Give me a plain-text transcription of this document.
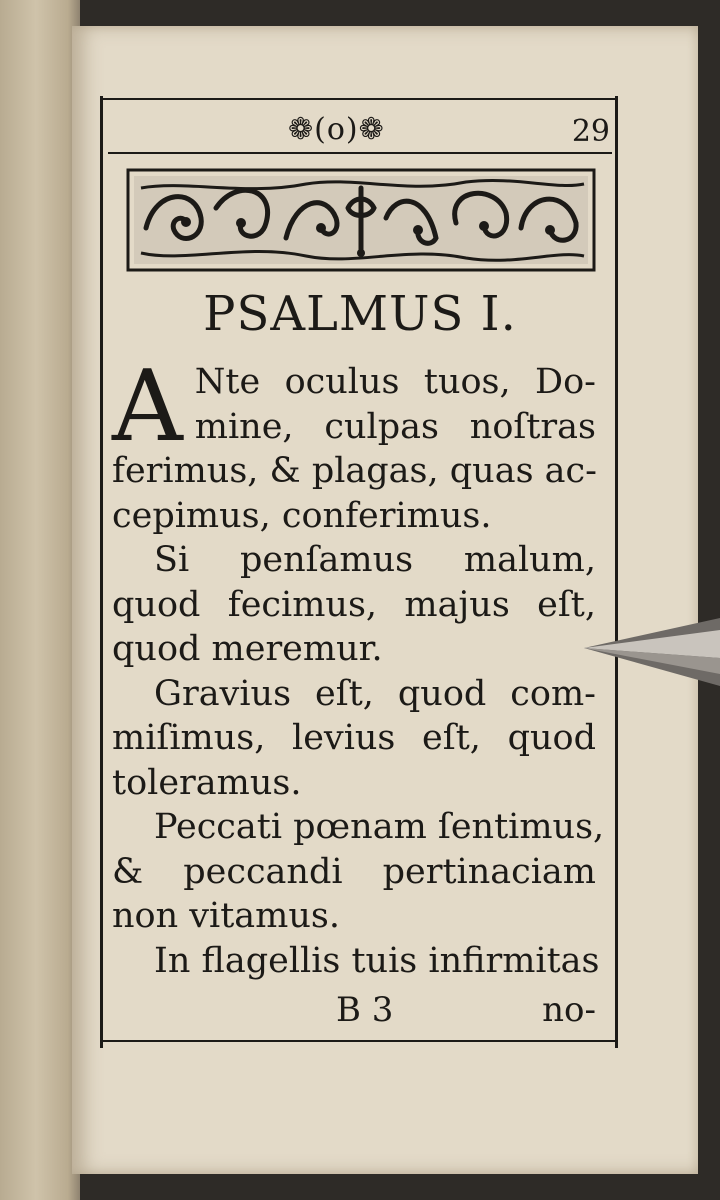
❁(o)❁	29
PSALMUS I.
A Nte oculus tuos, Do-
mine, culpas noſtras
ferimus, & plagas, quas ac-
cepimus, conferimus.
Si penſamus malum,
quod fecimus, majus eſt,
quod meremur.
Gravius eſt, quod com-
miſimus, levius eſt, quod
toleramus.
Peccati pœnam ſentimus,
& peccandi pertinaciam
non vitamus.
In flagellis tuis infirmitas
B 3	no-
